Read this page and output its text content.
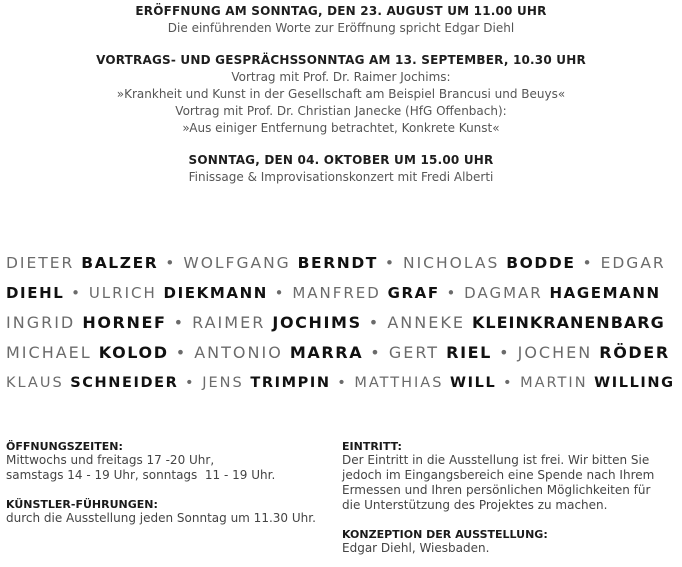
ERÖFFNUNG AM SONNTAG, DEN 23. AUGUST UM 11.00 UHR
Die einführenden Worte zur Eröffnung spricht Edgar Diehl
VORTRAGS- UND GESPRÄCHSSONNTAG AM 13. SEPTEMBER, 10.30 UHR
Vortrag mit Prof. Dr. Raimer Jochims:
»Krankheit und Kunst in der Gesellschaft am Beispiel Brancusi und Beuys«
Vortrag mit Prof. Dr. Christian Janecke (HfG Offenbach):
»Aus einiger Entfernung betrachtet, Konkrete Kunst«
SONNTAG, DEN 04. OKTOBER UM 15.00 UHR
Finissage & Improvisationskonzert mit Fredi Alberti
DIETER BALZER • WOLFGANG BERNDT • NICHOLAS BODDE • EDGAR
DIEHL • ULRICH DIEKMANN • MANFRED GRAF • DAGMAR HAGEMANN
INGRID HORNEF • RAIMER JOCHIMS • ANNEKE KLEINKRANENBARG
MICHAEL KOLOD • ANTONIO MARRA • GERT RIEL • JOCHEN RÖDER
KLAUS SCHNEIDER • JENS TRIMPIN • MATTHIAS WILL • MARTIN WILLING
ÖFFNUNGSZEITEN:
Mittwochs und freitags 17 -20 Uhr,
samstags 14 - 19 Uhr, sonntags  11 - 19 Uhr.
KÜNSTLER-FÜHRUNGEN:
durch die Ausstellung jeden Sonntag um 11.30 Uhr.
EINTRITT:
Der Eintritt in die Ausstellung ist frei. Wir bitten Sie
jedoch im Eingangsbereich eine Spende nach Ihrem
Ermessen und Ihren persönlichen Möglichkeiten für
die Unterstützung des Projektes zu machen.
KONZEPTION DER AUSSTELLUNG:
Edgar Diehl, Wiesbaden.
